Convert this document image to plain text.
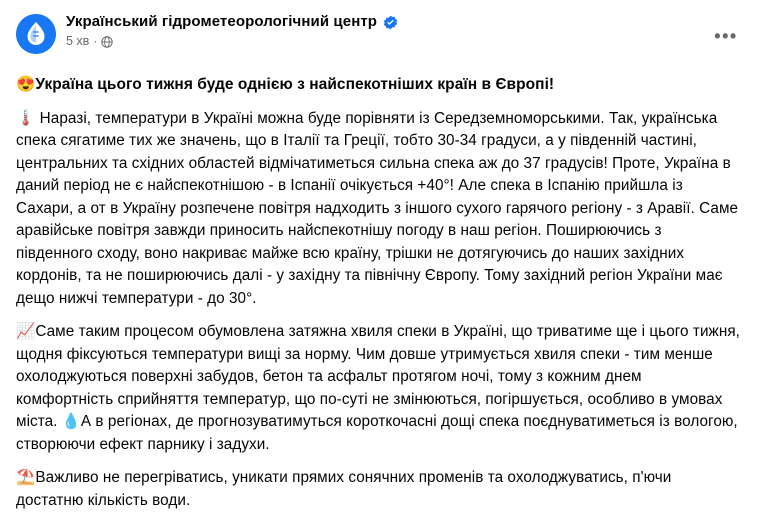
Український гідрометеорологічний центр
5 хв ·	•••

😍Україна цього тижня буде однією з найспекотніших країн в Європі!

🌡️ Наразі, температури в Україні можна буде порівняти із Середземноморськими. Так, українська спека сягатиме тих же значень, що в Італії та Греції, тобто 30-34 градуси, а у південній частині, центральних та східних областей відмічатиметься сильна спека аж до 37 градусів! Проте, Україна в даний період не є найспекотнішою - в Іспанії очікується +40°! Але спека в Іспанію прийшла із Сахари, а от в Україну розпечене повітря надходить з іншого сухого гарячого регіону - з Аравії. Саме аравійське повітря завжди приносить найспекотнішу погоду в наш регіон. Поширюючись з південного сходу, воно накриває майже всю країну, трішки не дотягуючись до наших західних кордонів, та не поширюючись далі - у західну та північну Європу. Тому західний регіон України має дещо нижчі температури - до 30°.

📈Саме таким процесом обумовлена затяжна хвиля спеки в Україні, що триватиме ще і цього тижня, щодня фіксуються температури вищі за норму. Чим довше утримується хвиля спеки - тим менше охолоджуються поверхні забудов, бетон та асфальт протягом ночі, тому з кожним днем комфортність сприйняття температур, що по-суті не змінюються, погіршується, особливо в умовах міста. 💧А в регіонах, де прогнозуватимуться короткочасні дощі спека поєднуватиметься із вологою, створюючи ефект парнику і задухи.

⛱️Важливо не перегріватись, уникати прямих сонячних променів та охолоджуватись, п'ючи достатню кількість води.
